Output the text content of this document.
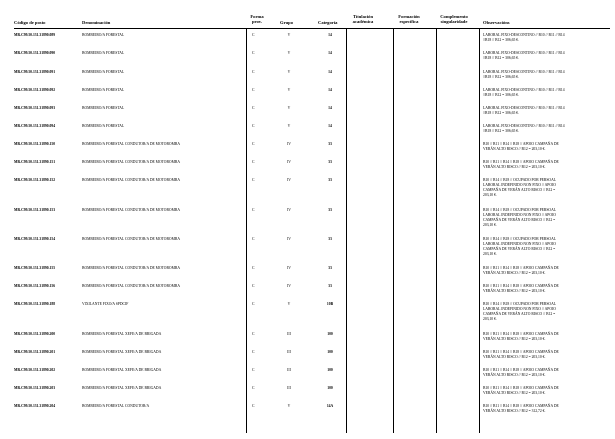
Código de posto	Denominación
Forma
prov.	Grupo	Categoría
Titulación
académica
Formación
específica
Complemento
singularidade	Observacións
MR.C99.50.131.31890.089	BOMBEIRO/A FORESTAL	C	V	14	LABORAL FIXO-DESCONTINO // B10 // B11 // B14
//B18 // B12 = 306,65 €.
MR.C99.50.131.31890.090	BOMBEIRO/A FORESTAL	C	V	14	LABORAL FIXO-DESCONTINO // B10 // B11 // B14
//B18 // B12 = 306,65 €.
MR.C99.50.131.31890.091	BOMBEIRO/A FORESTAL	C	V	14	LABORAL FIXO-DESCONTINO // B10 // B11 // B14
//B18 // B12 = 306,65 €.
MR.C99.50.131.31890.092	BOMBEIRO/A FORESTAL	C	V	14	LABORAL FIXO-DESCONTINO // B10 // B11 // B14
//B18 // B12 = 306,65 €.
MR.C99.50.131.31890.093	BOMBEIRO/A FORESTAL	C	V	14	LABORAL FIXO-DESCONTINO // B10 // B11 // B14
//B18 // B12 = 306,65 €.
MR.C99.50.131.31890.094	BOMBEIRO/A FORESTAL	C	V	14	LABORAL FIXO-DESCONTINO // B10 // B11 // B14
//B18 // B12 = 306,65 €.
MR.C99.50.131.31890.150	BOMBEIRO/A FORESTAL CONDUTOR/A DE MOTOBOMBA	C	IV	33	B10 // B11 // B14 // B18 // APOIO CAMPAÑA DE
VERÁN ALTO RISCO // B12 = 203,10 €.
MR.C99.50.131.31890.151	BOMBEIRO/A FORESTAL CONDUTOR/A DE MOTOBOMBA	C	IV	33	B10 // B11 // B14 // B18 // APOIO CAMPAÑA DE
VERÁN ALTO RISCO // B12 = 203,10 €.
MR.C99.50.131.31890.152	BOMBEIRO/A FORESTAL CONDUTOR/A DE MOTOBOMBA	C	IV	33	B10 // B14 // B18 // OCUPADO POR PERSOAL
LABORAL INDEFINIDO NON FIXO // APOIO
CAMPAÑA DE VERÁN ALTO RISCO // B12 =
203,10 €.
MR.C99.50.131.31890.153	BOMBEIRO/A FORESTAL CONDUTOR/A DE MOTOBOMBA	C	IV	33	B10 // B14 // B18 // OCUPADO POR PERSOAL
LABORAL INDEFINIDO NON FIXO // APOIO
CAMPAÑA DE VERÁN ALTO RISCO // B12 =
203,10 €.
MR.C99.50.131.31890.154	BOMBEIRO/A FORESTAL CONDUTOR/A DE MOTOBOMBA	C	IV	33	B10 // B14 // B18 // OCUPADO POR PERSOAL
LABORAL INDEFINIDO NON FIXO // APOIO
CAMPAÑA DE VERÁN ALTO RISCO // B12 =
203,10 €.
MR.C99.50.131.31890.155	BOMBEIRO/A FORESTAL CONDUTOR/A DE MOTOBOMBA	C	IV	33	B10 // B11 // B14 // B18 // APOIO CAMPAÑA DE
VERÁN ALTO RISCO // B12 = 203,10 €.
MR.C99.50.131.31890.156	BOMBEIRO/A FORESTAL CONDUTOR/A DE MOTOBOMBA	C	IV	33	B10 // B11 // B14 // B18 // APOIO CAMPAÑA DE
VERÁN ALTO RISCO // B12 = 203,10 €.
MR.C99.50.131.31890.188	VIXILANTE FIXO/A SPDCIF	C	V	10B	B10 // B14 // B18 // OCUPADO POR PERSOAL
LABORAL INDEFINIDO NON FIXO // APOIO
CAMPAÑA DE VERÁN ALTO RISCO // B12 =
203,10 €.
MR.C99.50.131.31890.200	BOMBEIRO/A FORESTAL XEFE/A DE BRIGADA	C	III	100	B10 // B11 // B14 // B18 // APOIO CAMPAÑA DE
VERÁN ALTO RISCO // B12 = 203,10 €.
MR.C99.50.131.31890.201	BOMBEIRO/A FORESTAL XEFE/A DE BRIGADA	C	III	100	B10 // B11 // B14 // B18 // APOIO CAMPAÑA DE
VERÁN ALTO RISCO // B12 = 203,10 €.
MR.C99.50.131.31890.202	BOMBEIRO/A FORESTAL XEFE/A DE BRIGADA	C	III	100	B10 // B11 // B14 // B18 // APOIO CAMPAÑA DE
VERÁN ALTO RISCO // B12 = 203,10 €.
MR.C99.50.131.31890.203	BOMBEIRO/A FORESTAL XEFE/A DE BRIGADA	C	III	100	B10 // B11 // B14 // B18 // APOIO CAMPAÑA DE
VERÁN ALTO RISCO // B12 = 203,10 €.
MR.C99.50.131.31890.204	BOMBEIRO/A FORESTAL CONDUTOR/A	C	V	14A	B10 // B11 // B14 // B18 // APOIO CAMPAÑA DE
VERÁN ALTO RISCO // B12 = 312,72 €.
